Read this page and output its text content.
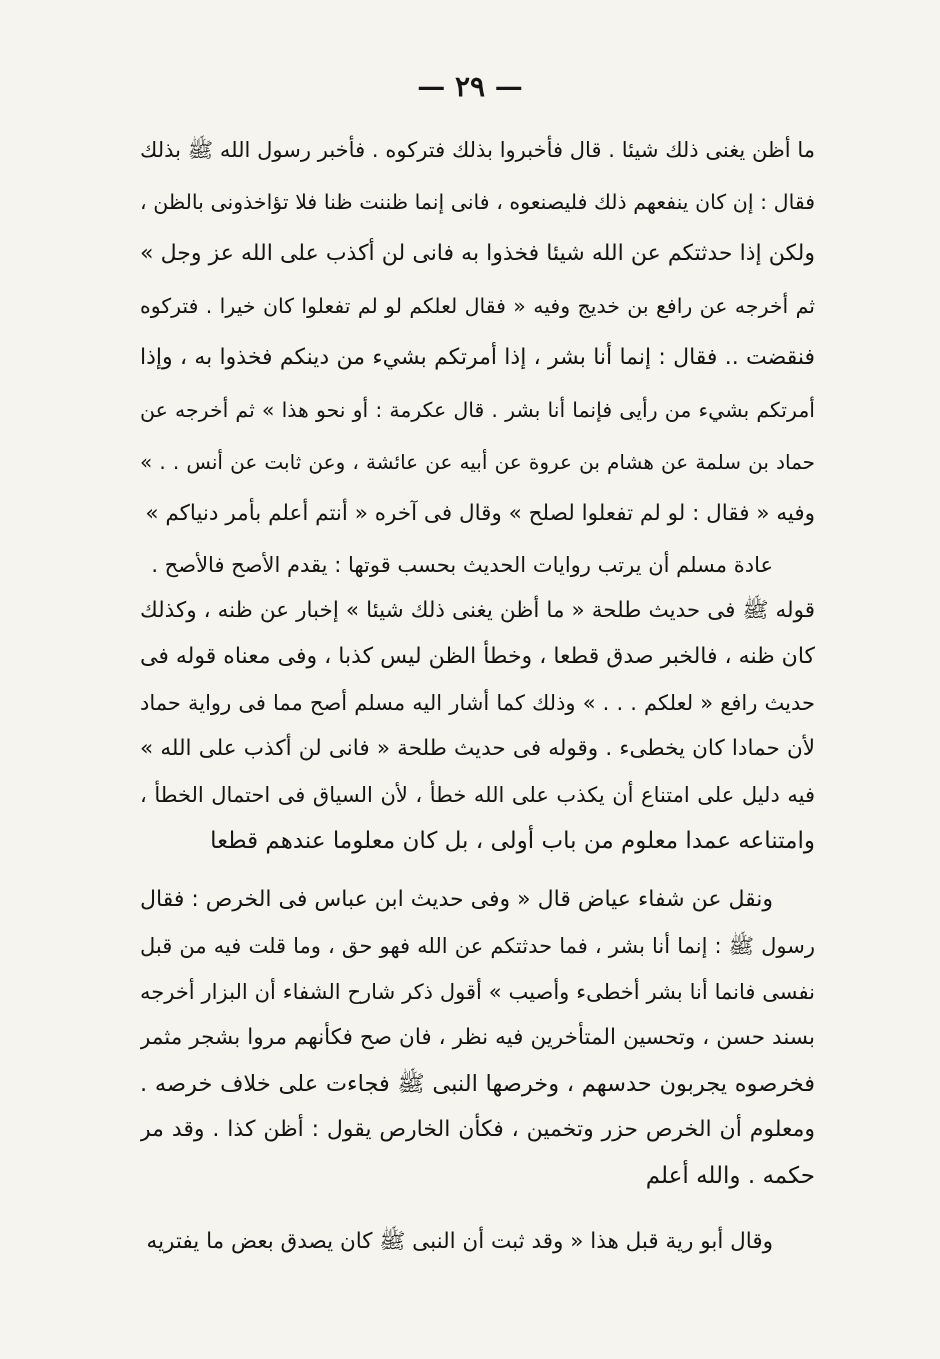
— ٢٩ —
ما أظن يغنى ذلك شيئا . قال فأخبروا بذلك فتركوه . فأخبر رسول الله ﷺ بذلك
فقال : إن كان ينفعهم ذلك فليصنعوه ، فانى إنما ظننت ظنا فلا تؤاخذونى بالظن ،
ولكن إذا حدثتكم عن الله شيئا فخذوا به فانى لن أكذب على الله عز وجل »
ثم أخرجه عن رافع بن خديج وفيه « فقال لعلكم لو لم تفعلوا كان خيرا . فتركوه
فنقضت .. فقال : إنما أنا بشر ، إذا أمرتكم بشيء من دينكم فخذوا به ، وإذا
أمرتكم بشيء من رأيى فإنما أنا بشر . قال عكرمة : أو نحو هذا » ثم أخرجه عن
حماد بن سلمة عن هشام بن عروة عن أبيه عن عائشة ، وعن ثابت عن أنس . . »
وفيه « فقال : لو لم تفعلوا لصلح » وقال فى آخره « أنتم أعلم بأمر دنياكم »
عادة مسلم أن يرتب روايات الحديث بحسب قوتها : يقدم الأصح فالأصح .
قوله ﷺ فى حديث طلحة « ما أظن يغنى ذلك شيئا » إخبار عن ظنه ، وكذلك
كان ظنه ، فالخبر صدق قطعا ، وخطأ الظن ليس كذبا ، وفى معناه قوله فى
حديث رافع « لعلكم . . . » وذلك كما أشار اليه مسلم أصح مما فى رواية حماد
لأن حمادا كان يخطىء . وقوله فى حديث طلحة « فانى لن أكذب على الله »
فيه دليل على امتناع أن يكذب على الله خطأ ، لأن السياق فى احتمال الخطأ ،
وامتناعه عمدا معلوم من باب أولى ، بل كان معلوما عندهم قطعا
ونقل عن شفاء عياض قال « وفى حديث ابن عباس فى الخرص : فقال
رسول ﷺ : إنما أنا بشر ، فما حدثتكم عن الله فهو حق ، وما قلت فيه من قبل
نفسى فانما أنا بشر أخطىء وأصيب » أقول ذكر شارح الشفاء أن البزار أخرجه
بسند حسن ، وتحسين المتأخرين فيه نظر ، فان صح فكأنهم مروا بشجر مثمر
فخرصوه يجربون حدسهم ، وخرصها النبى ﷺ فجاءت على خلاف خرصه .
ومعلوم أن الخرص حزر وتخمين ، فكأن الخارص يقول : أظن كذا . وقد مر
حكمه . والله أعلم
وقال أبو رية قبل هذا « وقد ثبت أن النبى ﷺ كان يصدق بعض ما يفتريه
